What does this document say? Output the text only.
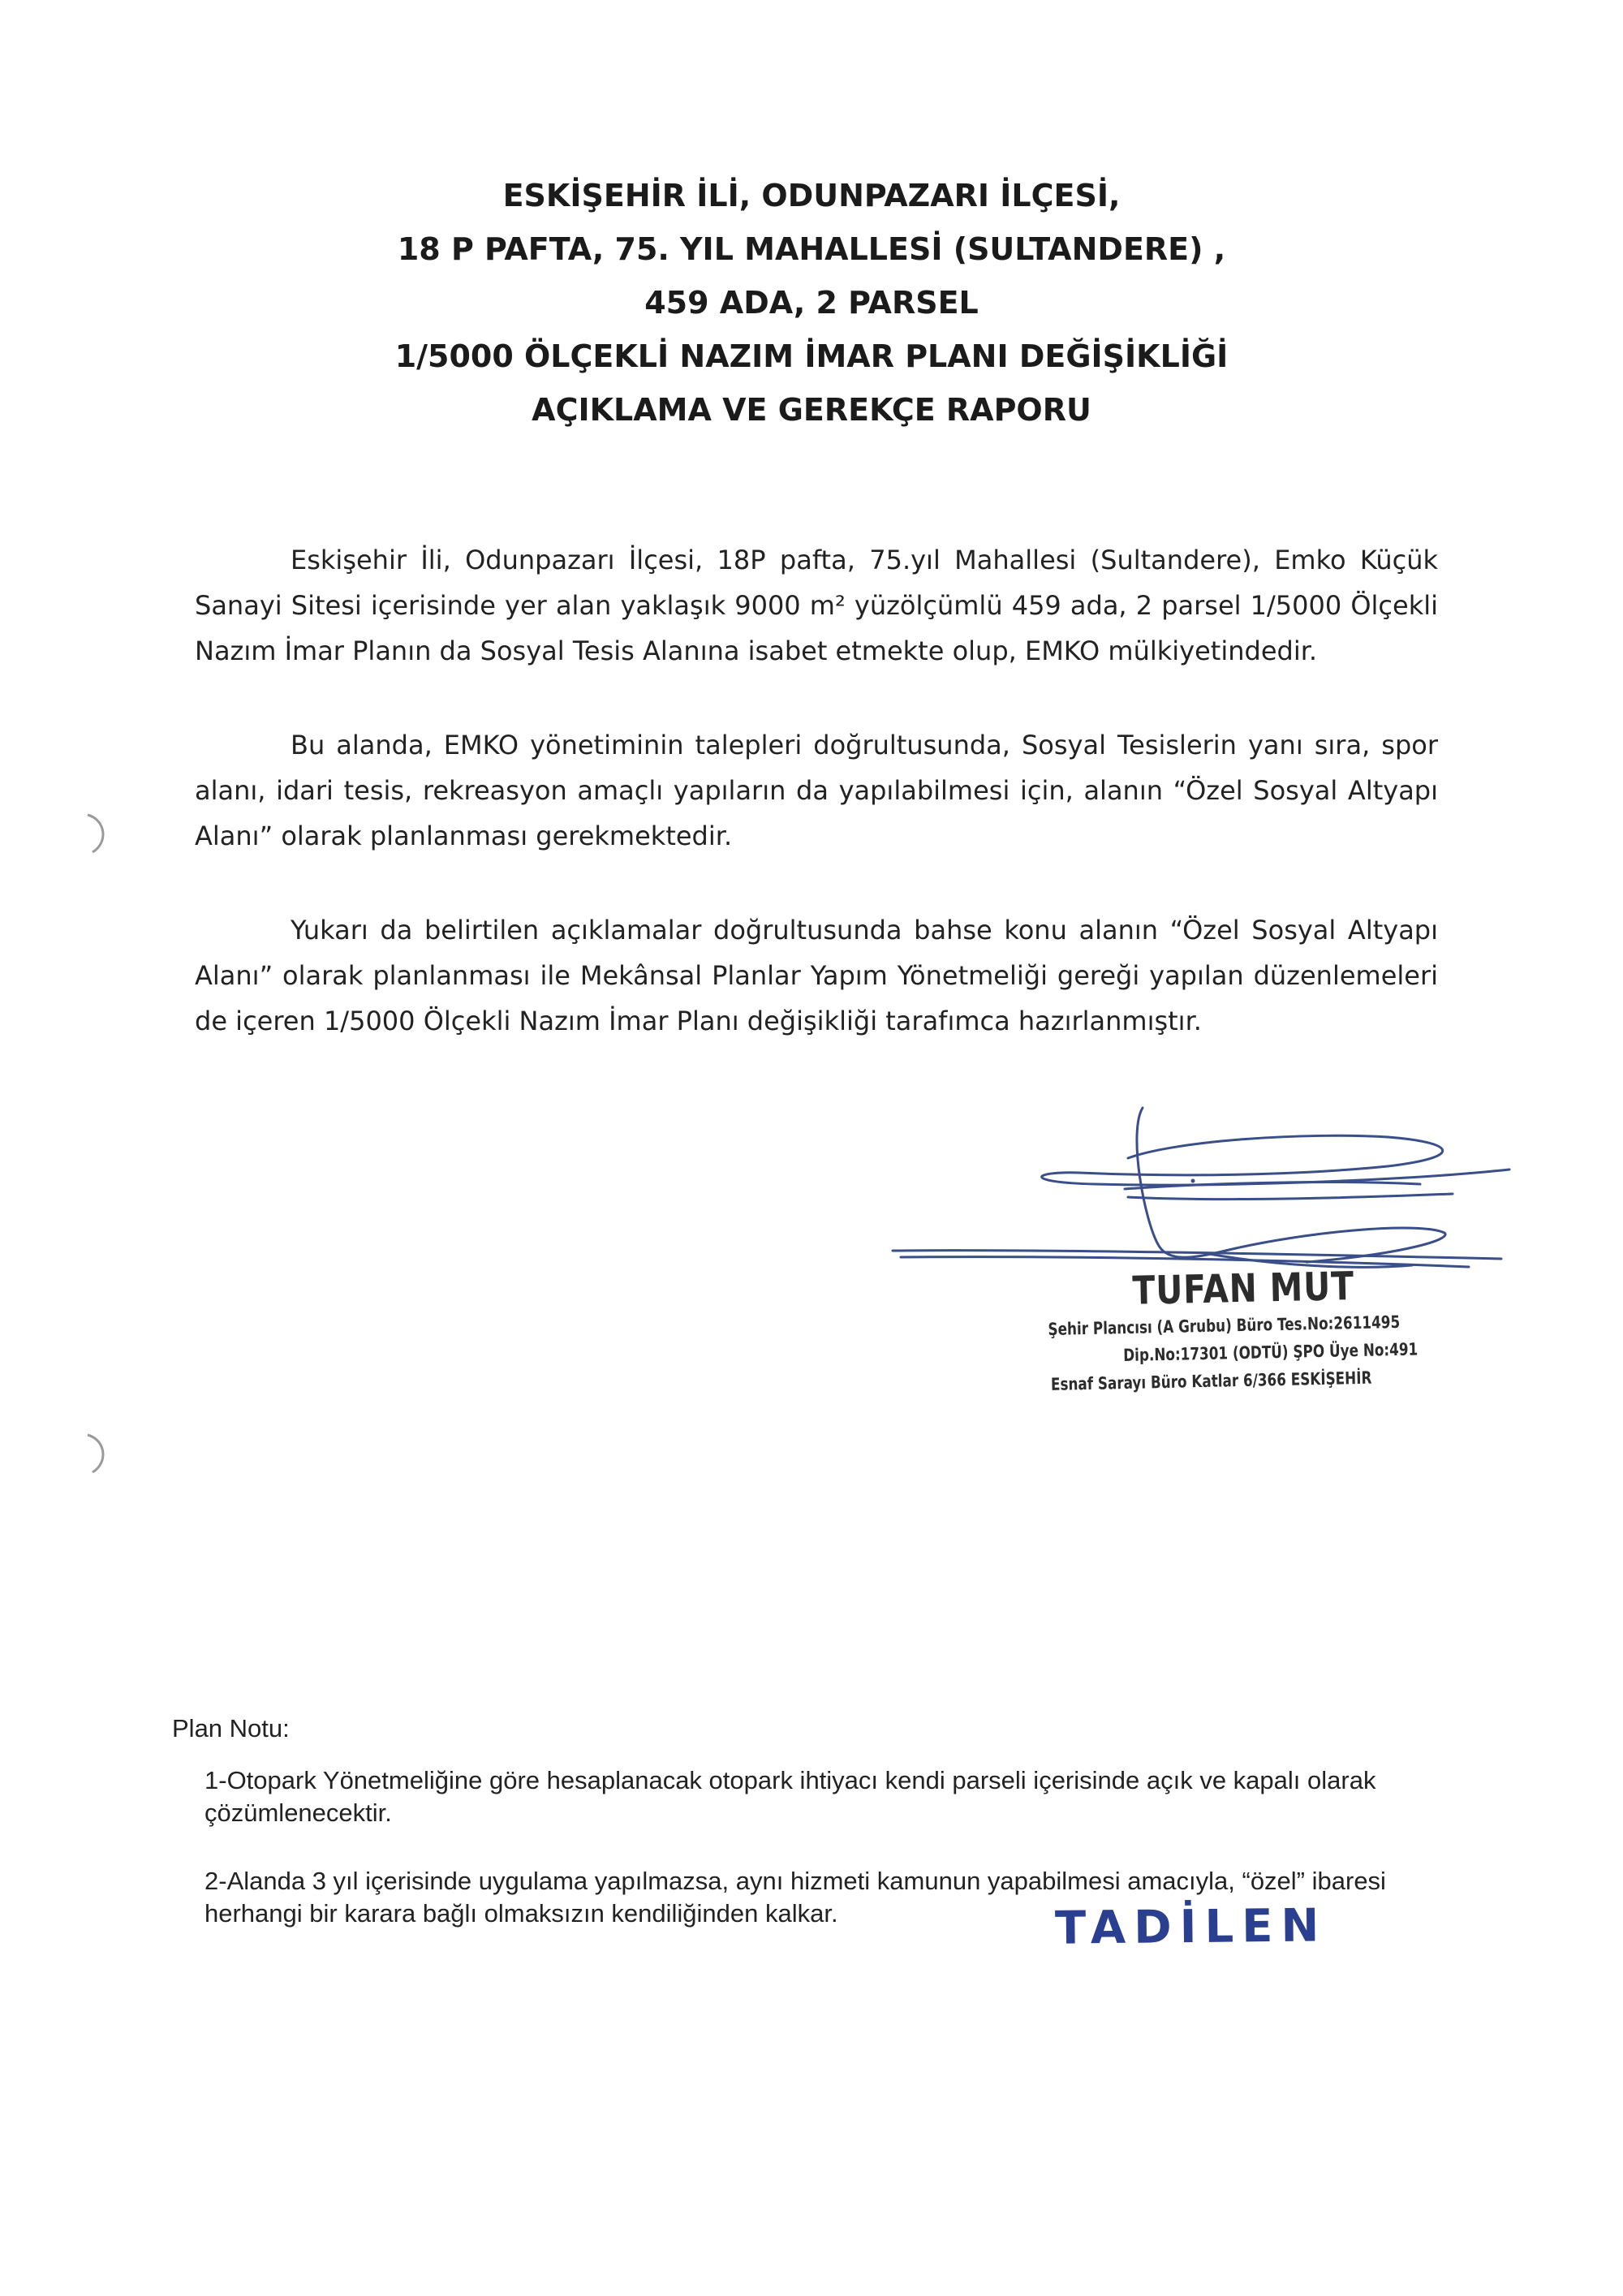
ESKİŞEHİR İLİ, ODUNPAZARI İLÇESİ,
18 P PAFTA, 75. YIL MAHALLESİ (SULTANDERE) ,
459 ADA, 2 PARSEL
1/5000 ÖLÇEKLİ NAZIM İMAR PLANI DEĞİŞİKLİĞİ
AÇIKLAMA VE GEREKÇE RAPORU

Eskişehir İli, Odunpazarı İlçesi, 18P pafta, 75.yıl Mahallesi (Sultandere), Emko Küçük Sanayi Sitesi içerisinde yer alan yaklaşık 9000 m² yüzölçümlü 459 ada, 2 parsel 1/5000 Ölçekli Nazım İmar Planın da Sosyal Tesis Alanına isabet etmekte olup, EMKO mülkiyetindedir.

Bu alanda, EMKO yönetiminin talepleri doğrultusunda, Sosyal Tesislerin yanı sıra, spor alanı, idari tesis, rekreasyon amaçlı yapıların da yapılabilmesi için, alanın “Özel Sosyal Altyapı Alanı” olarak planlanması gerekmektedir.

Yukarı da belirtilen açıklamalar doğrultusunda bahse konu alanın “Özel Sosyal Altyapı Alanı” olarak planlanması ile Mekânsal Planlar Yapım Yönetmeliği gereği yapılan düzenlemeleri de içeren 1/5000 Ölçekli Nazım İmar Planı değişikliği tarafımca hazırlanmıştır.

TUFAN MUT
Şehir Plancısı (A Grubu) Büro Tes.No:2611495
Dip.No:17301 (ODTÜ) ŞPO Üye No:491
Esnaf Sarayı Büro Katlar 6/366 ESKİŞEHİR
Plan Notu:
1-Otopark Yönetmeliğine göre hesaplanacak otopark ihtiyacı kendi parseli içerisinde açık ve kapalı olarak çözümlenecektir.
2-Alanda 3 yıl içerisinde uygulama yapılmazsa, aynı hizmeti kamunun yapabilmesi amacıyla, “özel” ibaresi herhangi bir karara bağlı olmaksızın kendiliğinden kalkar.	TADİLEN
